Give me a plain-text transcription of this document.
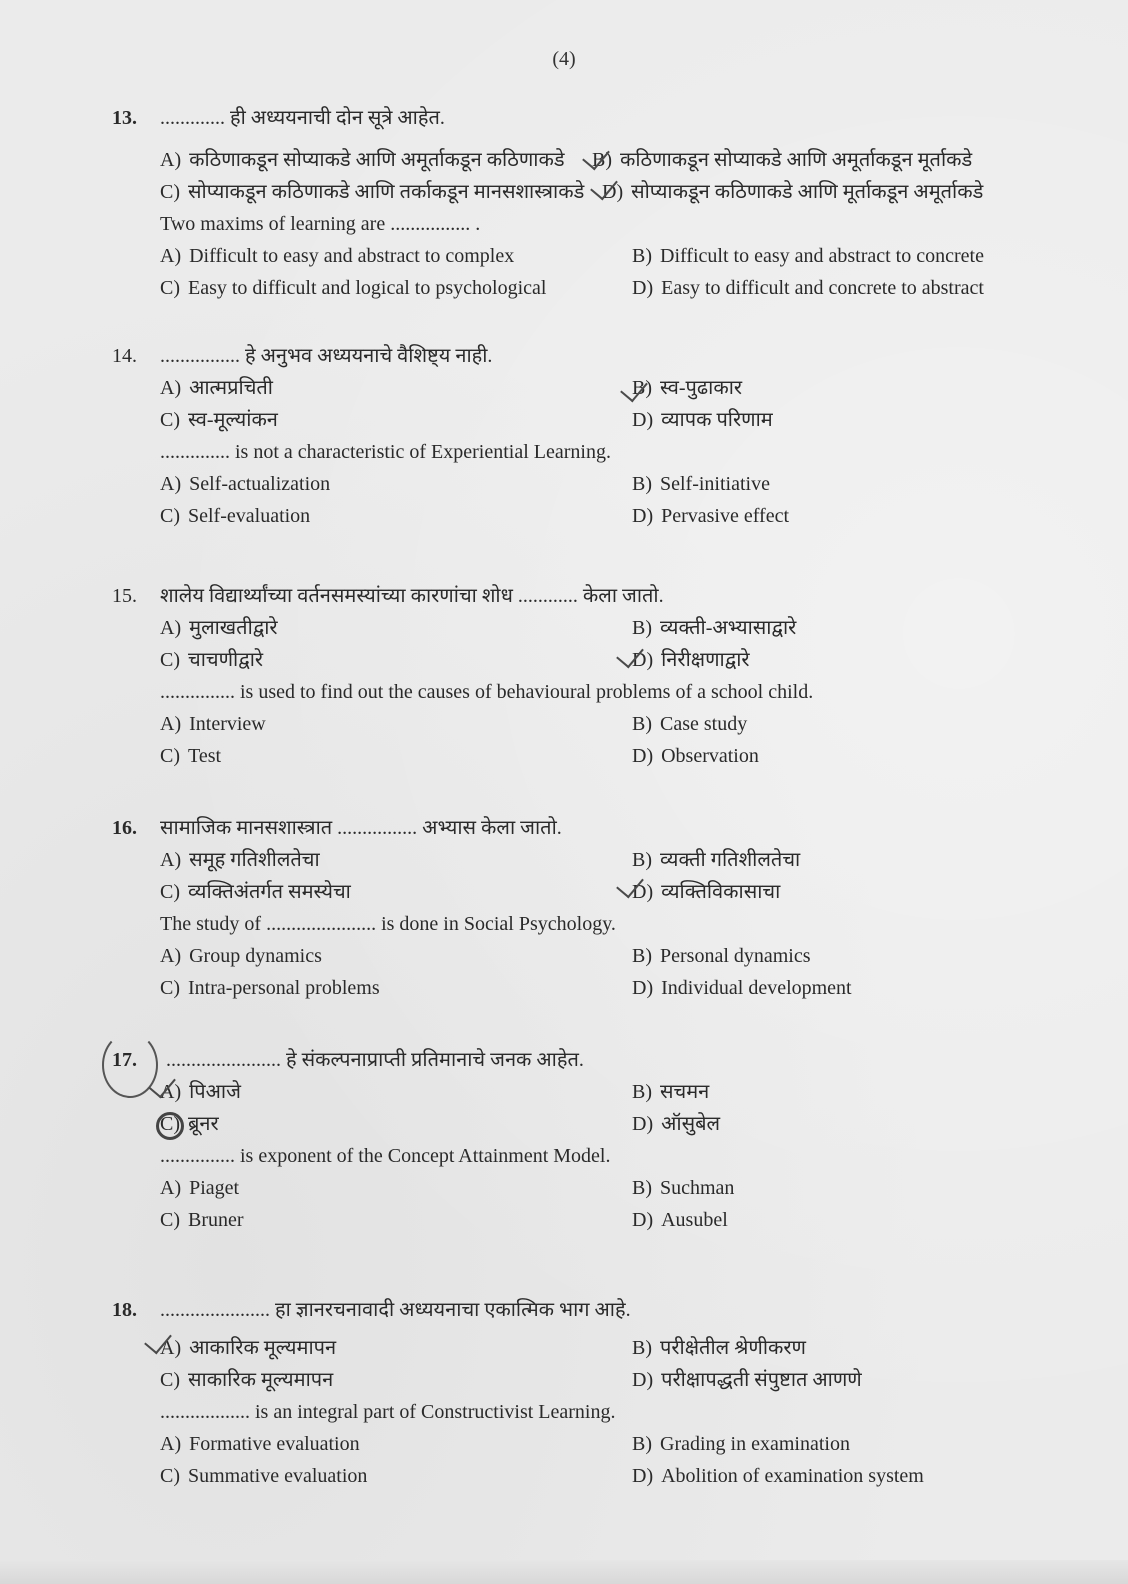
(4)
13.	............. ही अध्ययनाची दोन सूत्रे आहेत.
A) कठिणाकडून सोप्याकडे आणि अमूर्ताकडून कठिणाकडे B) कठिणाकडून सोप्याकडे आणि अमूर्ताकडून मूर्ताकडे
C) सोप्याकडून कठिणाकडे आणि तर्काकडून मानसशास्त्राकडे D) सोप्याकडून कठिणाकडे आणि मूर्ताकडून अमूर्ताकडे
Two maxims of learning are ................ .
A) Difficult to easy and abstract to complex	B) Difficult to easy and abstract to concrete
C) Easy to difficult and logical to psychological	D) Easy to difficult and concrete to abstract
14.	................ हे अनुभव अध्ययनाचे वैशिष्ट्य नाही.
A) आत्मप्रचिती	B) स्व-पुढाकार
C) स्व-मूल्यांकन	D) व्यापक परिणाम
.............. is not a characteristic of Experiential Learning.
A) Self-actualization	B) Self-initiative
C) Self-evaluation	D) Pervasive effect
15.	शालेय विद्यार्थ्यांच्या वर्तनसमस्यांच्या कारणांचा शोध ............ केला जातो.
A) मुलाखतीद्वारे	B) व्यक्ती-अभ्यासाद्वारे
C) चाचणीद्वारे	D) निरीक्षणाद्वारे
............... is used to find out the causes of behavioural problems of a school child.
A) Interview	B) Case study
C) Test	D) Observation
16.	सामाजिक मानसशास्त्रात ................ अभ्यास केला जातो.
A) समूह गतिशीलतेचा	B) व्यक्ती गतिशीलतेचा
C) व्यक्तिअंतर्गत समस्येचा	D) व्यक्तिविकासाचा
The study of ...................... is done in Social Psychology.
A) Group dynamics	B) Personal dynamics
C) Intra-personal problems	D) Individual development
17.	....................... हे संकल्पनाप्राप्ती प्रतिमानाचे जनक आहेत.
A) पिआजे	B) सचमन
C) ब्रूनर	D) ऑसुबेल
............... is exponent of the Concept Attainment Model.
A) Piaget	B) Suchman
C) Bruner	D) Ausubel
18.	...................... हा ज्ञानरचनावादी अध्ययनाचा एकात्मिक भाग आहे.
A) आकारिक मूल्यमापन	B) परीक्षेतील श्रेणीकरण
C) साकारिक मूल्यमापन	D) परीक्षापद्धती संपुष्टात आणणे
.................. is an integral part of Constructivist Learning.
A) Formative evaluation	B) Grading in examination
C) Summative evaluation	D) Abolition of examination system
